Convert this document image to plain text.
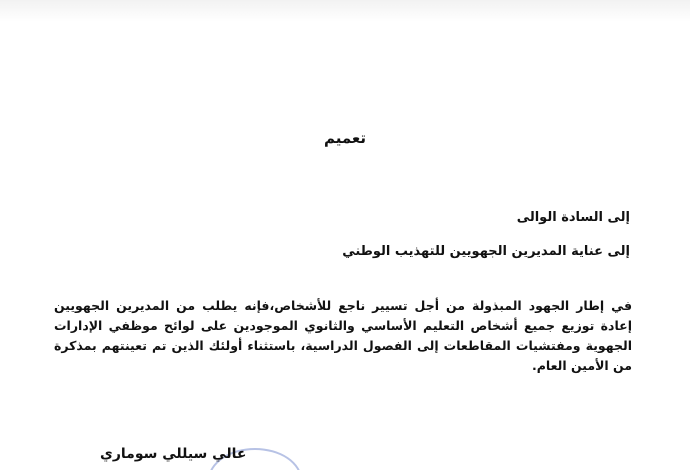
تعميم
إلى السادة الوالى
إلى عناية المديرين الجهويين للتهذيب الوطني
في إطار الجهود المبذولة من أجل تسيير ناجع للأشخاص،فإنه يطلب من المديرين الجهويين إعادة توزيع جميع أشخاص التعليم الأساسي والثانوي الموجودين على لوائح موظفي الإدارات الجهوية ومفتشيات المقاطعات إلى الفصول الدراسية، باستثناء أولئك الذين تم تعينتهم بمذكرة من الأمين العام.
عالي سيللي سوماري
